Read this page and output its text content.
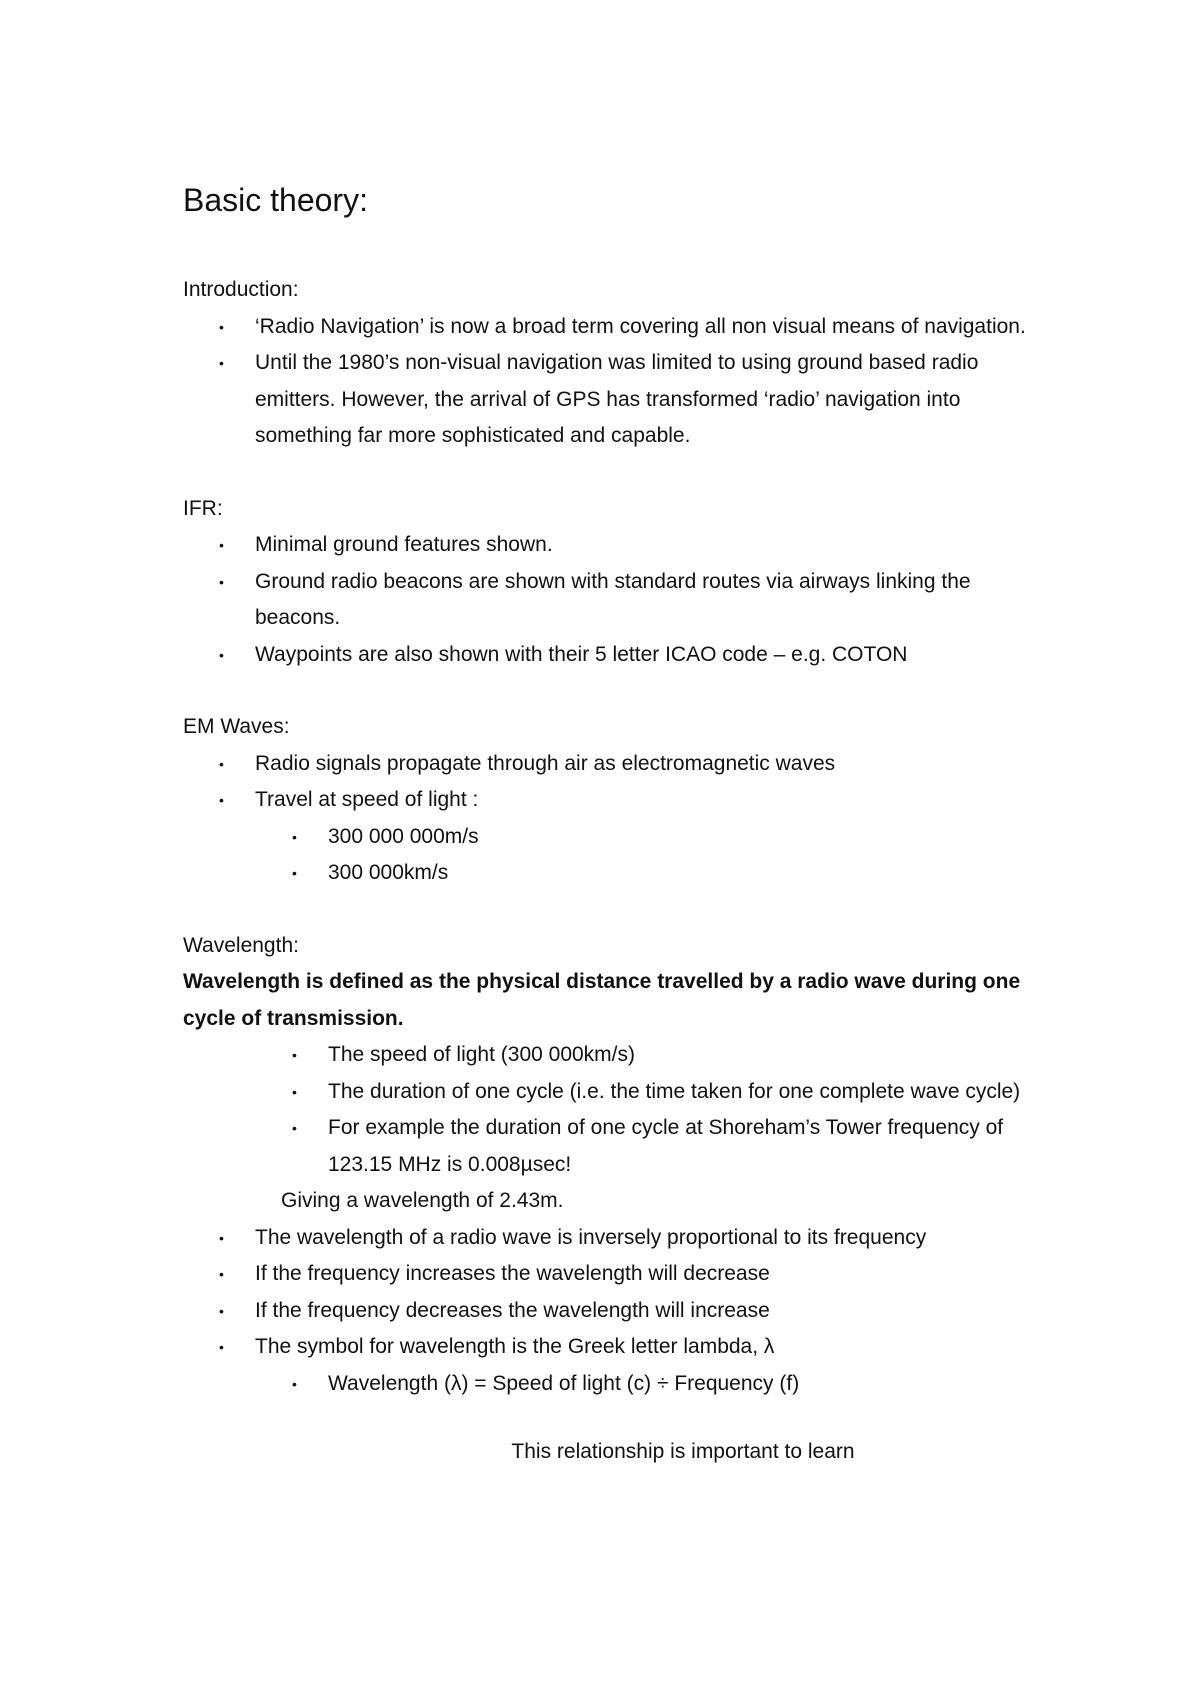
Basic theory:

Introduction:

• ‘Radio Navigation’ is now a broad term covering all non visual means of navigation.
• Until the 1980’s non-visual navigation was limited to using ground based radio emitters. However, the arrival of GPS has transformed ‘radio’ navigation into something far more sophisticated and capable.

IFR:

• Minimal ground features shown.
• Ground radio beacons are shown with standard routes via airways linking the beacons.
• Waypoints are also shown with their 5 letter ICAO code – e.g. COTON

EM Waves:

• Radio signals propagate through air as electromagnetic waves
• Travel at speed of light :
• 300 000 000m/s
• 300 000km/s

Wavelength:

Wavelength is defined as the physical distance travelled by a radio wave during one cycle of transmission.

• The speed of light (300 000km/s)
• The duration of one cycle (i.e. the time taken for one complete wave cycle)
• For example the duration of one cycle at Shoreham’s Tower frequency of 123.15 MHz is 0.008µsec!

Giving a wavelength of 2.43m.

• The wavelength of a radio wave is inversely proportional to its frequency
• If the frequency increases the wavelength will decrease
• If the frequency decreases the wavelength will increase
• The symbol for wavelength is the Greek letter lambda, λ
• Wavelength (λ) = Speed of light (c) ÷ Frequency (f)

This relationship is important to learn
